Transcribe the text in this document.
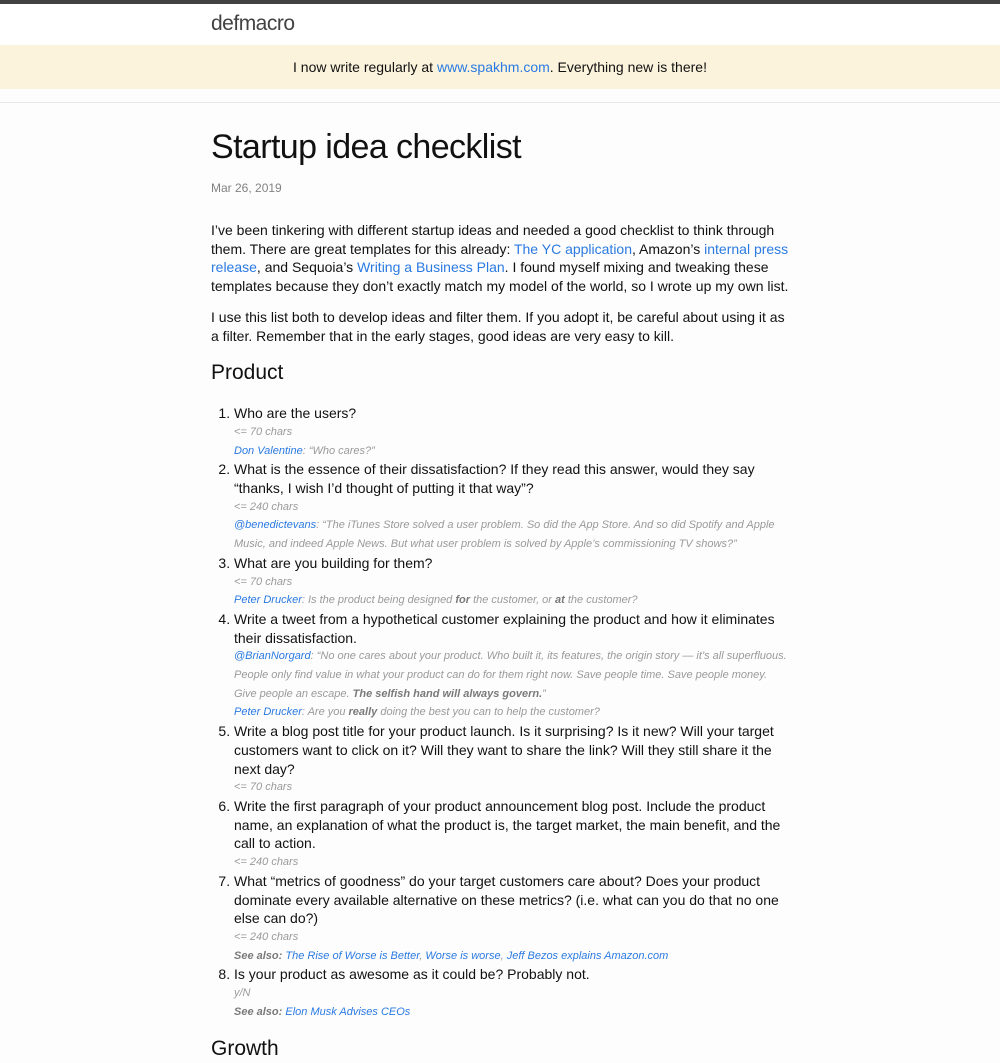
defmacro
I now write regularly at www.spakhm.com. Everything new is there!
Startup idea checklist
Mar 26, 2019

I’ve been tinkering with different startup ideas and needed a good checklist to think through them. There are great templates for this already: The YC application, Amazon’s internal press release, and Sequoia’s Writing a Business Plan. I found myself mixing and tweaking these templates because they don’t exactly match my model of the world, so I wrote up my own list.

I use this list both to develop ideas and filter them. If you adopt it, be careful about using it as a filter. Remember that in the early stages, good ideas are very easy to kill.

Product
1. Who are the users?
<= 70 chars
Don Valentine: “Who cares?”
2. What is the essence of their dissatisfaction? If they read this answer, would they say “thanks, I wish I’d thought of putting it that way”?
<= 240 chars
@benedictevans: “The iTunes Store solved a user problem. So did the App Store. And so did Spotify and Apple Music, and indeed Apple News. But what user problem is solved by Apple’s commissioning TV shows?”
3. What are you building for them?
<= 70 chars
Peter Drucker: Is the product being designed for the customer, or at the customer?
4. Write a tweet from a hypothetical customer explaining the product and how it eliminates their dissatisfaction.
@BrianNorgard: “No one cares about your product. Who built it, its features, the origin story — it’s all superfluous. People only find value in what your product can do for them right now. Save people time. Save people money. Give people an escape. The selfish hand will always govern.”
Peter Drucker: Are you really doing the best you can to help the customer?
5. Write a blog post title for your product launch. Is it surprising? Is it new? Will your target customers want to click on it? Will they want to share the link? Will they still share it the next day?
<= 70 chars
6. Write the first paragraph of your product announcement blog post. Include the product name, an explanation of what the product is, the target market, the main benefit, and the call to action.
<= 240 chars
7. What “metrics of goodness” do your target customers care about? Does your product dominate every available alternative on these metrics? (i.e. what can you do that no one else can do?)
<= 240 chars
See also: The Rise of Worse is Better, Worse is worse, Jeff Bezos explains Amazon.com
8. Is your product as awesome as it could be? Probably not.
y/N
See also: Elon Musk Advises CEOs
Growth
